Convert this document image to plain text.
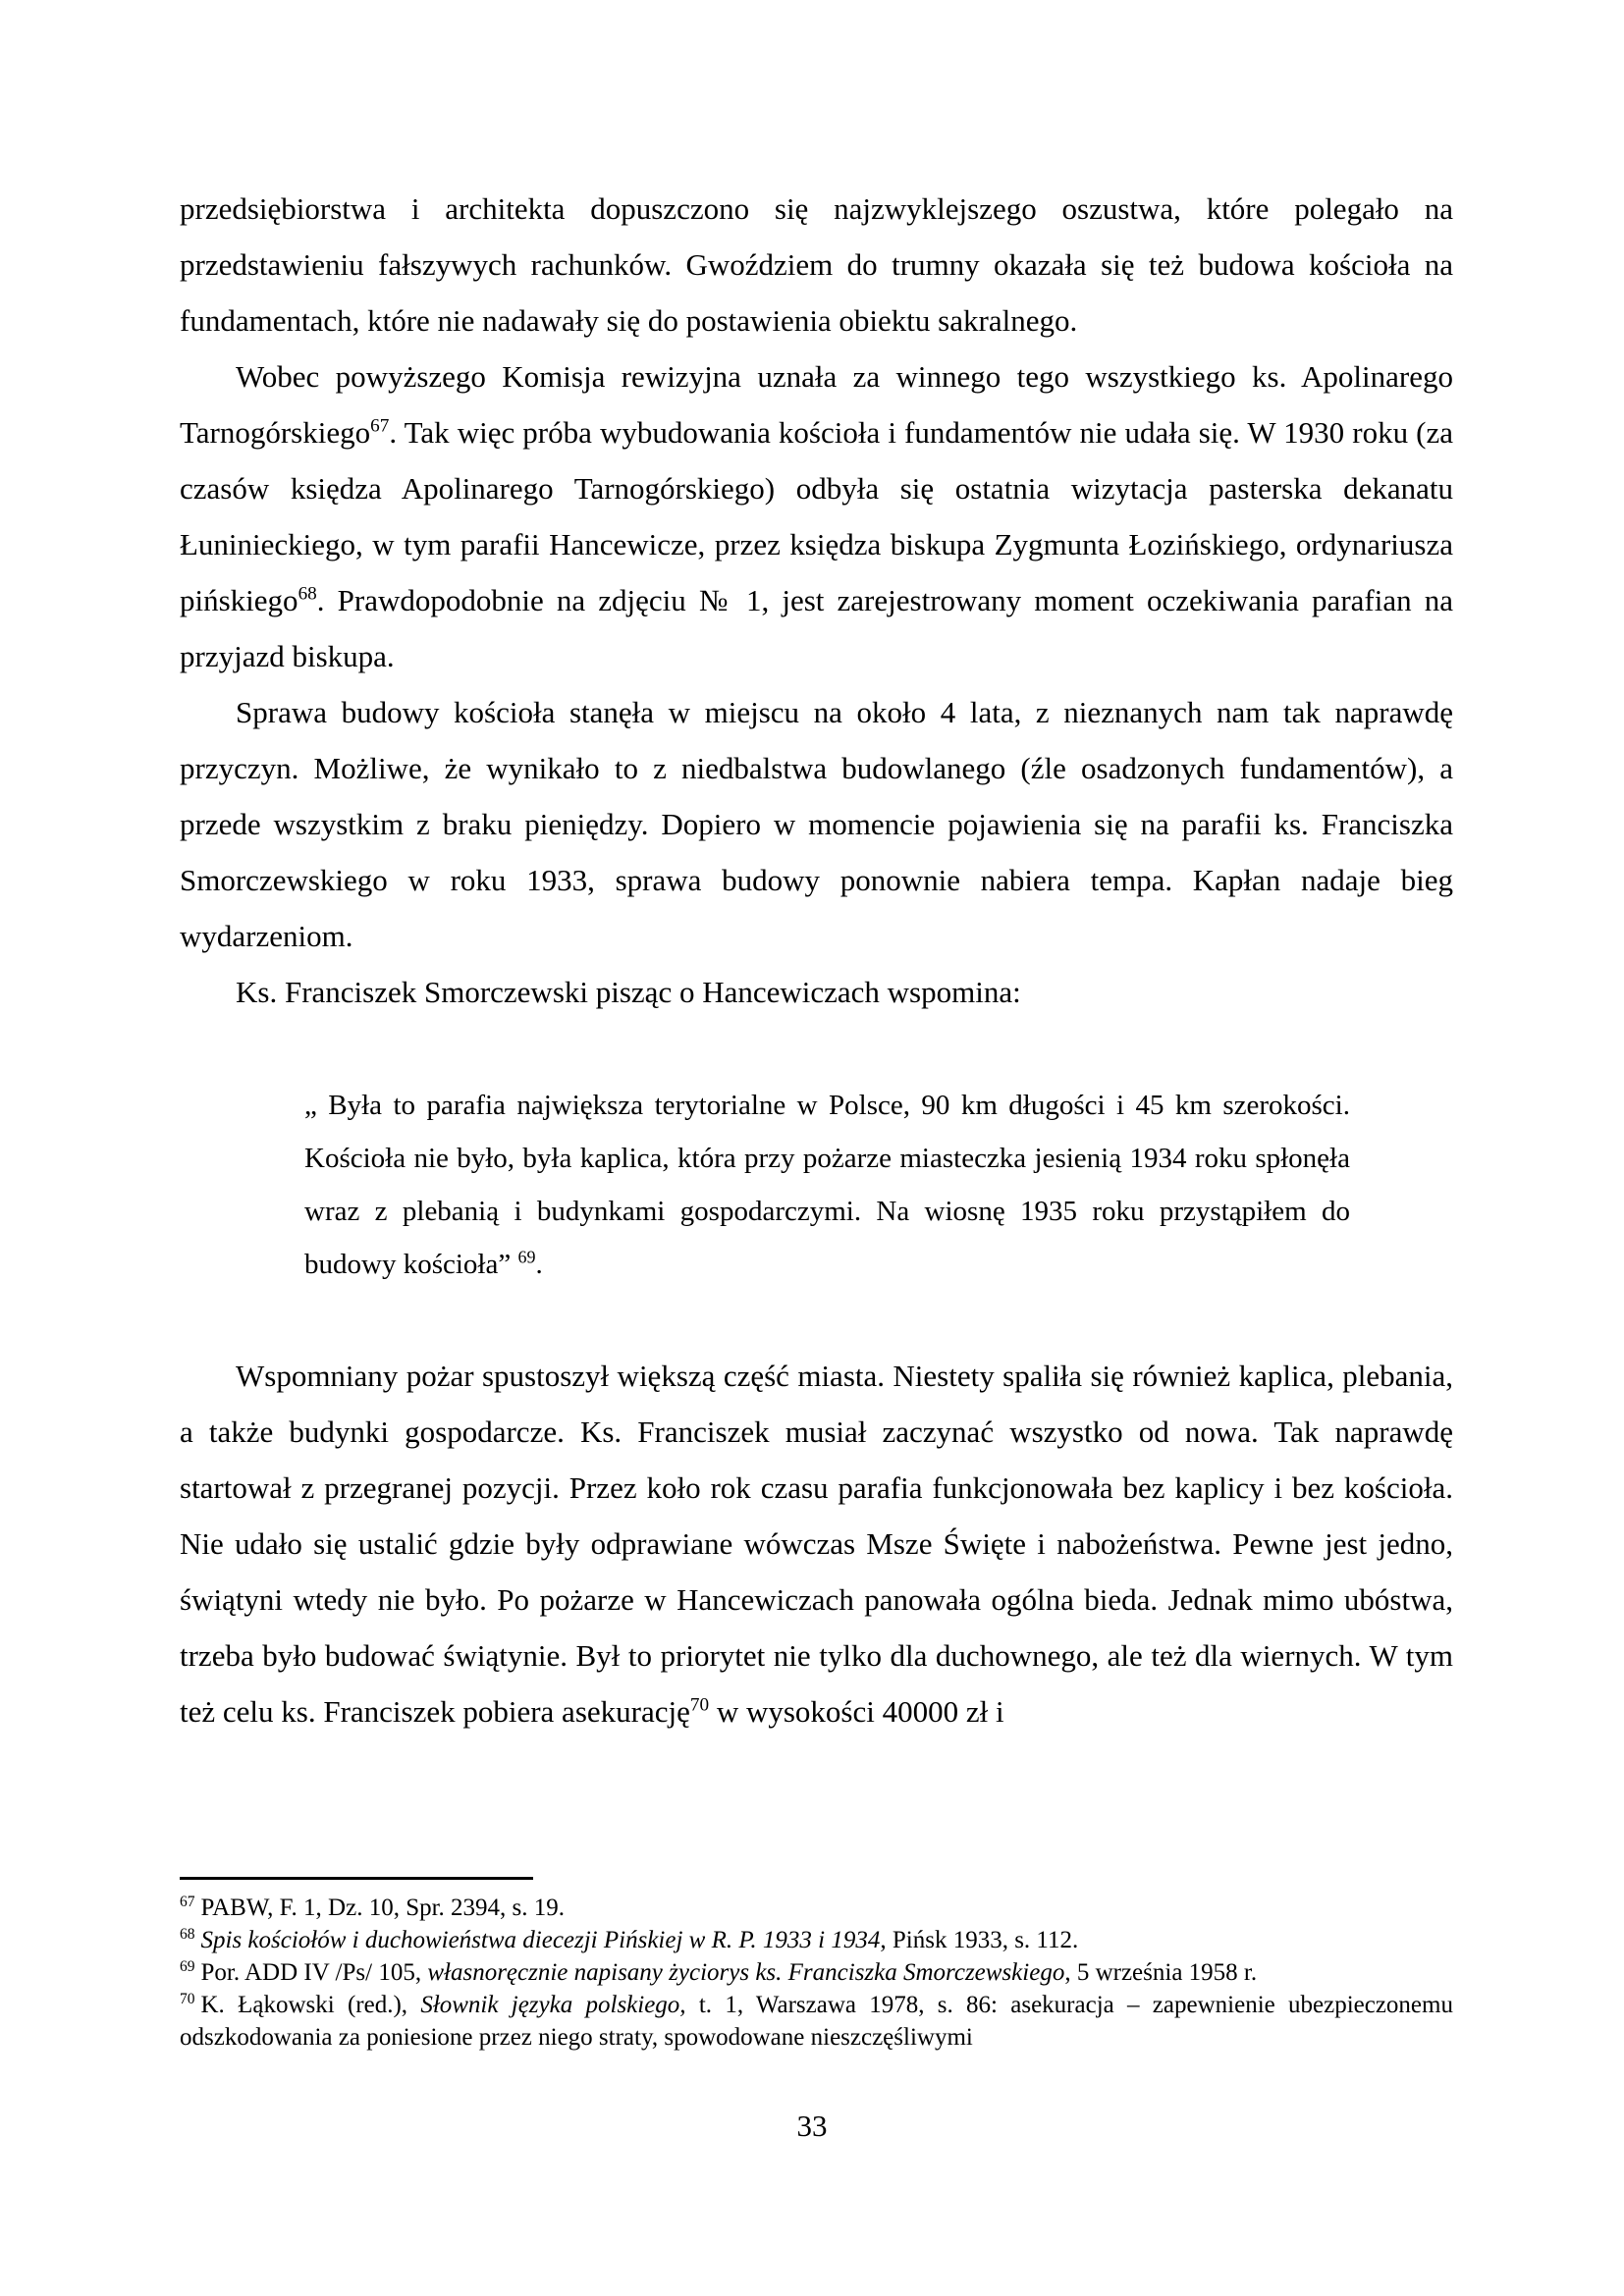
przedsiębiorstwa i architekta dopuszczono się najzwyklejszego oszustwa, które polegało na przedstawieniu fałszywych rachunków. Gwoździem do trumny okazała się też budowa kościoła na fundamentach, które nie nadawały się do postawienia obiektu sakralnego.

Wobec powyższego Komisja rewizyjna uznała za winnego tego wszystkiego ks. Apolinarego Tarnogórskiego$^{67}$. Tak więc próba wybudowania kościoła i fundamentów nie udała się. W 1930 roku (za czasów księdza Apolinarego Tarnogórskiego) odbyła się ostatnia wizytacja pasterska dekanatu Łuninieckiego, w tym parafii Hancewicze, przez księdza biskupa Zygmunta Łozińskiego, ordynariusza pińskiego$^{68}$. Prawdopodobnie na zdjęciu № 1, jest zarejestrowany moment oczekiwania parafian na przyjazd biskupa.

Sprawa budowy kościoła stanęła w miejscu na około 4 lata, z nieznanych nam tak naprawdę przyczyn. Możliwe, że wynikało to z niedbalstwa budowlanego (źle osadzonych fundamentów), a przede wszystkim z braku pieniędzy. Dopiero w momencie pojawienia się na parafii ks. Franciszka Smorczewskiego w roku 1933, sprawa budowy ponownie nabiera tempa. Kapłan nadaje bieg wydarzeniom.

Ks. Franciszek Smorczewski pisząc o Hancewiczach wspomina:

„ Była to parafia największa terytorialne w Polsce, 90 km długości i 45 km szerokości. Kościoła nie było, była kaplica, która przy pożarze miasteczka jesienią 1934 roku spłonęła wraz z plebanią i budynkami gospodarczymi. Na wiosnę 1935 roku przystąpiłem do budowy kościoła” $^{69}$.

Wspomniany pożar spustoszył większą część miasta. Niestety spaliła się również kaplica, plebania, a także budynki gospodarcze. Ks. Franciszek musiał zaczynać wszystko od nowa. Tak naprawdę startował z przegranej pozycji. Przez koło rok czasu parafia funkcjonowała bez kaplicy i bez kościoła. Nie udało się ustalić gdzie były odprawiane wówczas Msze Święte i nabożeństwa. Pewne jest jedno, świątyni wtedy nie było. Po pożarze w Hancewiczach panowała ogólna bieda. Jednak mimo ubóstwa, trzeba było budować świątynie. Był to priorytet nie tylko dla duchownego, ale też dla wiernych. W tym też celu ks. Franciszek pobiera asekurację$^{70}$ w wysokości 40000 zł i

$^{67}$ PABW, F. 1, Dz. 10, Spr. 2394, s. 19.
$^{68}$ Spis kościołów i duchowieństwa diecezji Pińskiej w R. P. 1933 i 1934, Pińsk 1933, s. 112.
$^{69}$ Por. ADD IV /Ps/ 105, własnoręcznie napisany życiorys ks. Franciszka Smorczewskiego, 5 września 1958 r.
$^{70}$ K. Łąkowski (red.), Słownik języka polskiego, t. 1, Warszawa 1978, s. 86: asekuracja – zapewnienie ubezpieczonemu odszkodowania za poniesione przez niego straty, spowodowane nieszczęśliwymi
33
